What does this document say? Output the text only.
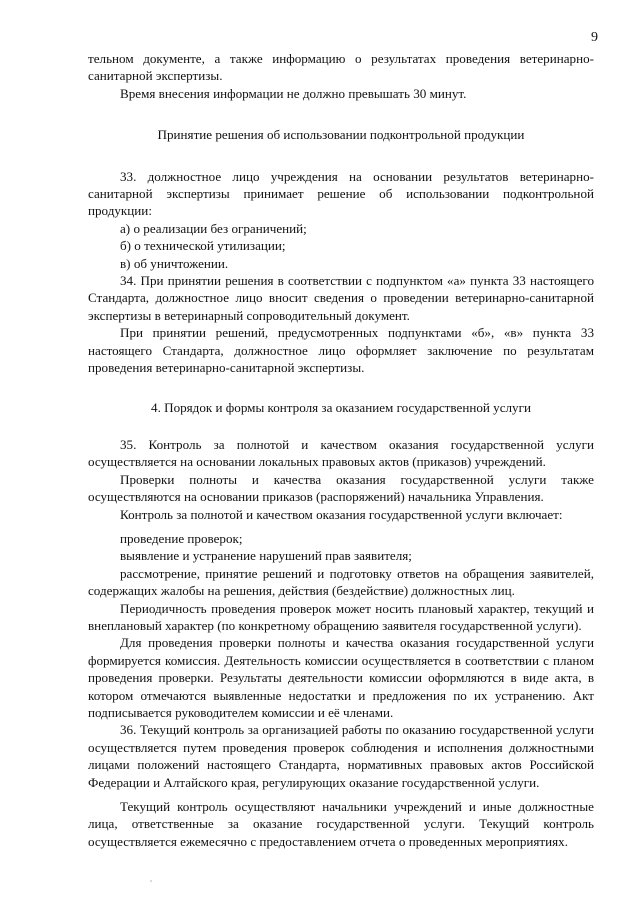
9

тельном документе, а также информацию о результатах проведения ветеринарно-санитарной экспертизы.

Время внесения информации не должно превышать 30 минут.

Принятие решения об использовании подконтрольной продукции

33. должностное лицо учреждения на основании результатов ветеринарно-санитарной экспертизы принимает решение об использовании подконтрольной продукции:

а) о реализации без ограничений;

б) о технической утилизации;

в) об уничтожении.

34. При принятии решения в соответствии с подпунктом «а» пункта 33 настоящего Стандарта, должностное лицо вносит сведения о проведении ветеринарно-санитарной экспертизы в ветеринарный сопроводительный документ.

При принятии решений, предусмотренных подпунктами «б», «в» пункта 33 настоящего Стандарта, должностное лицо оформляет заключение по результатам проведения ветеринарно-санитарной экспертизы.

4. Порядок и формы контроля за оказанием государственной услуги

35. Контроль за полнотой и качеством оказания государственной услуги осуществляется на основании локальных правовых актов (приказов) учреждений.

Проверки полноты и качества оказания государственной услуги также осуществляются на основании приказов (распоряжений) начальника Управления.

Контроль за полнотой и качеством оказания государственной услуги включает:

проведение проверок;

выявление и устранение нарушений прав заявителя;

рассмотрение, принятие решений и подготовку ответов на обращения заявителей, содержащих жалобы на решения, действия (бездействие) должностных лиц.

Периодичность проведения проверок может носить плановый характер, текущий и внеплановый характер (по конкретному обращению заявителя государственной услуги).

Для проведения проверки полноты и качества оказания государственной услуги формируется комиссия. Деятельность комиссии осуществляется в соответствии с планом проведения проверки. Результаты деятельности комиссии оформляются в виде акта, в котором отмечаются выявленные недостатки и предложения по их устранению. Акт подписывается руководителем комиссии и её членами.

36. Текущий контроль за организацией работы по оказанию государственной услуги осуществляется путем проведения проверок соблюдения и исполнения должностными лицами положений настоящего Стандарта, нормативных правовых актов Российской Федерации и Алтайского края, регулирующих оказание государственной услуги.

Текущий контроль осуществляют начальники учреждений и иные должностные лица, ответственные за оказание государственной услуги. Текущий контроль осуществляется ежемесячно с предоставлением отчета о проведенных мероприятиях.
